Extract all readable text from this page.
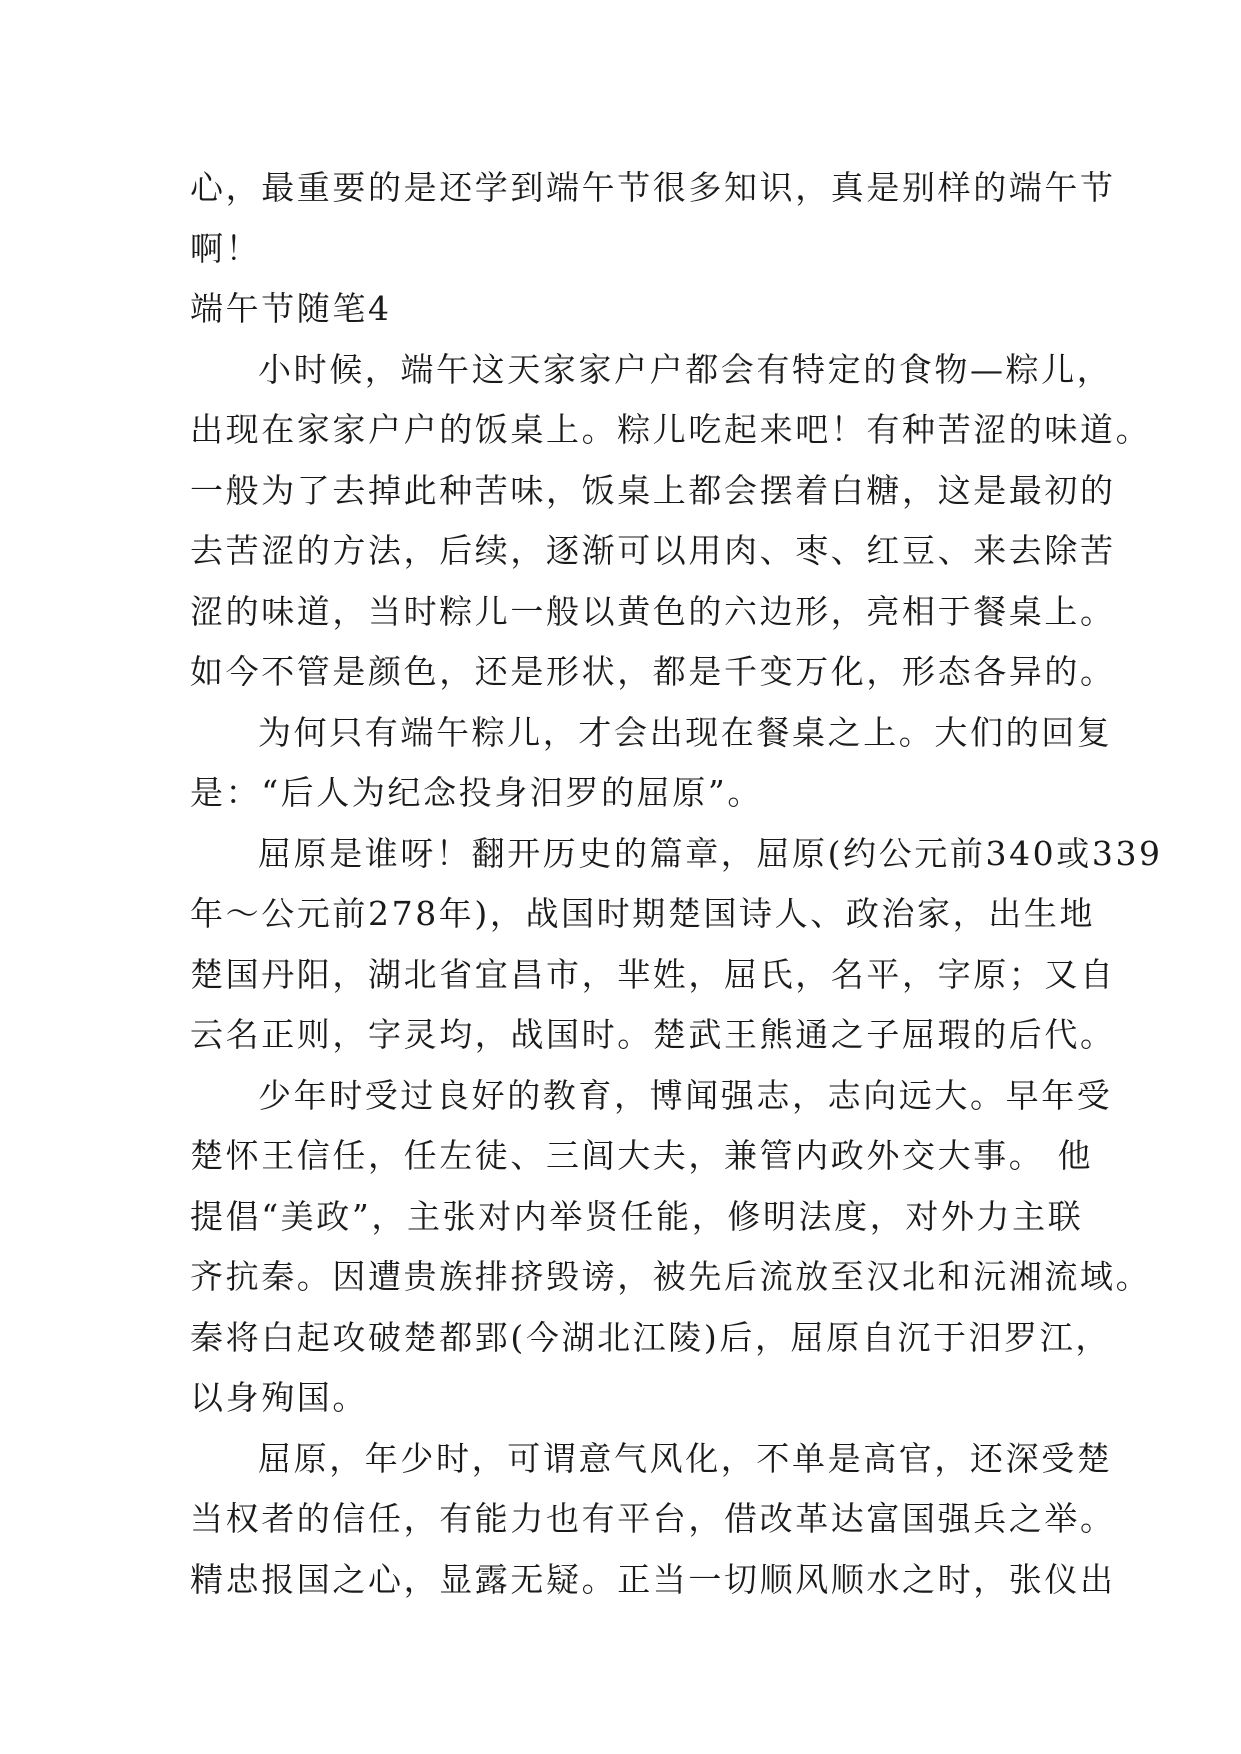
心，最重要的是还学到端午节很多知识，真是别样的端午节
啊！
端午节随笔4
小时候，端午这天家家户户都会有特定的食物—粽儿，
出现在家家户户的饭桌上。粽儿吃起来吧！有种苦涩的味道。
一般为了去掉此种苦味，饭桌上都会摆着白糖，这是最初的
去苦涩的方法，后续，逐渐可以用肉、枣、红豆、来去除苦
涩的味道，当时粽儿一般以黄色的六边形，亮相于餐桌上。
如今不管是颜色，还是形状，都是千变万化，形态各异的。
为何只有端午粽儿，才会出现在餐桌之上。大们的回复
是：“后人为纪念投身汨罗的屈原”。
屈原是谁呀！翻开历史的篇章，屈原(约公元前340或339
年～公元前278年)，战国时期楚国诗人、政治家，出生地
楚国丹阳，湖北省宜昌市，芈姓，屈氏，名平，字原；又自
云名正则，字灵均，战国时。楚武王熊通之子屈瑕的后代。
少年时受过良好的教育，博闻强志，志向远大。早年受
楚怀王信任，任左徒、三闾大夫，兼管内政外交大事。 他
提倡“美政”，主张对内举贤任能，修明法度，对外力主联
齐抗秦。因遭贵族排挤毁谤，被先后流放至汉北和沅湘流域。
秦将白起攻破楚都郢(今湖北江陵)后，屈原自沉于汨罗江，
以身殉国。
屈原，年少时，可谓意气风化，不单是高官，还深受楚
当权者的信任，有能力也有平台，借改革达富国强兵之举。
精忠报国之心，显露无疑。正当一切顺风顺水之时，张仪出
